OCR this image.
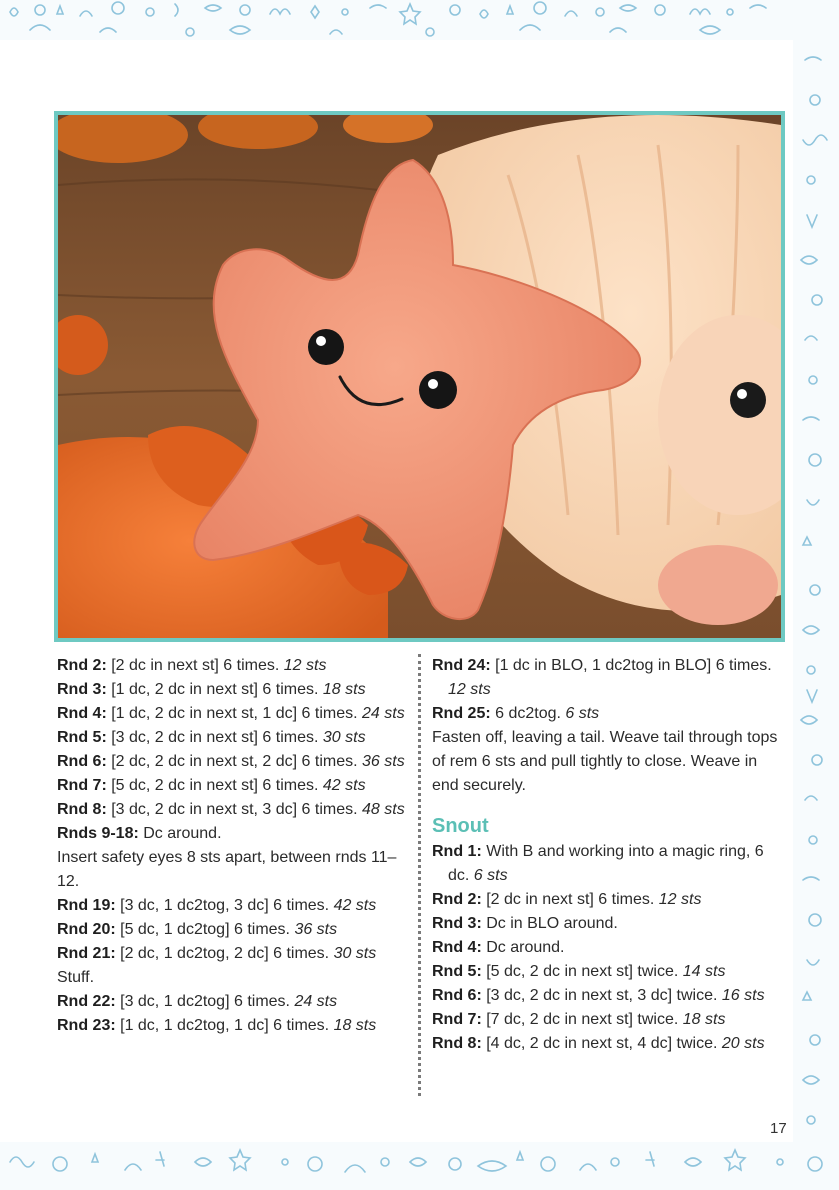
Rnd 2: [2 dc in next st] 6 times. 12 sts

Rnd 3: [1 dc, 2 dc in next st] 6 times. 18 sts

Rnd 4: [1 dc, 2 dc in next st, 1 dc] 6 times. 24 sts

Rnd 5: [3 dc, 2 dc in next st] 6 times. 30 sts

Rnd 6: [2 dc, 2 dc in next st, 2 dc] 6 times. 36 sts

Rnd 7: [5 dc, 2 dc in next st] 6 times. 42 sts

Rnd 8: [3 dc, 2 dc in next st, 3 dc] 6 times. 48 sts

Rnds 9-18: Dc around.

Insert safety eyes 8 sts apart, between rnds 11–12.

Rnd 19: [3 dc, 1 dc2tog, 3 dc] 6 times. 42 sts

Rnd 20: [5 dc, 1 dc2tog] 6 times. 36 sts

Rnd 21: [2 dc, 1 dc2tog, 2 dc] 6 times. 30 sts

Stuff.

Rnd 22: [3 dc, 1 dc2tog] 6 times. 24 sts

Rnd 23: [1 dc, 1 dc2tog, 1 dc] 6 times. 18 sts

Rnd 24: [1 dc in BLO, 1 dc2tog in BLO] 6 times. 12 sts

Rnd 25: 6 dc2tog. 6 sts

Fasten off, leaving a tail. Weave tail through tops of rem 6 sts and pull tightly to close. Weave in end securely.

Snout

Rnd 1: With B and working into a magic ring, 6 dc. 6 sts

Rnd 2: [2 dc in next st] 6 times. 12 sts

Rnd 3: Dc in BLO around.

Rnd 4: Dc around.

Rnd 5: [5 dc, 2 dc in next st] twice. 14 sts

Rnd 6: [3 dc, 2 dc in next st, 3 dc] twice. 16 sts

Rnd 7: [7 dc, 2 dc in next st] twice. 18 sts

Rnd 8: [4 dc, 2 dc in next st, 4 dc] twice. 20 sts

17
